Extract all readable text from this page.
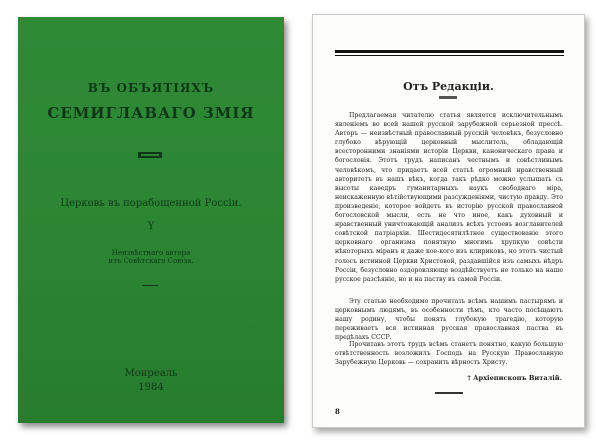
ВЪ ОБЪЯТІЯХЪ
СЕМИГЛАВАГО ЗМІЯ
Церковь въ порабощенной Россіи.
Y
Неизвѣстнаго автора
изъ Совѣтскаго Союза.
Монреаль
1984
Отъ Редакціи.
Предлагаемая читателю статья является исключительнымъ явленіемъ во всей нашей русской зарубежной серьезной прессѣ. Авторъ — неизвѣстный православный русскій человѣкъ, безусловно глубоко вѣрующій церковный мыслитель, обладающій всесторонними знаніями исторіи Церкви, каноническаго права и богословія. Этотъ трудъ написанъ честнымъ и совѣстливымъ человѣкомъ, что придаетъ всей статьѣ огромный нравственный авторитетъ въ нашъ вѣкъ, когда такъ рѣдко можно услышать съ высоты каѳедръ гуманитарныхъ наукъ свободнаго міра, неискаженную вѣтійствующими разсужденіями, чистую правду. Это произведеніе, которое войдетъ въ исторію русской православной богословской мысли, есть не что иное, какъ духовный и нравственный уничтожающій анализъ всѣхъ устоевъ возглавителей совѣтской патріархіи. Шестидесятилѣтнее существованіе этого церковнаго организма понятную многимъ хрупкую совѣсти нѣкоторыхъ міранъ и даже кое-кого изъ клириковъ, но этотъ чистый голосъ истинной Церкви Христовой, раздавшійся изъ самыхъ нѣдръ Россіи, безусловно оздоровляюще воздѣйствуетъ не только на наше русское разсѣяніе, но и на паству въ самой Россіи.
Эту статью необходимо прочитать всѣмъ нашимъ пастырямъ и церковнымъ людямъ, въ особенности тѣмъ, кто часто посѣщаютъ нашу родину, чтобы понять глубокую трагедію, которую переживаетъ вся истинная русская православная паства въ предѣлахъ СССР.
Прочитавъ этотъ трудъ всѣмъ станетъ понятно, какую большую отвѣтственность возложилъ Господь на Русскую Православную Зарубежную Церковь — сохранить вѣрность Христу.
† Архіепископъ Виталій.
8
